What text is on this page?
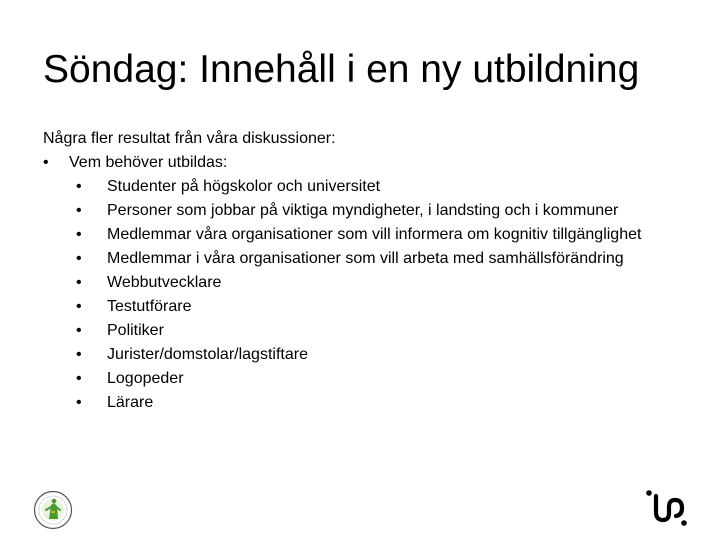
Söndag: Innehåll i en ny utbildning

Några fler resultat från våra diskussioner:

• Vem behöver utbildas:
• Studenter på högskolor och universitet
• Personer som jobbar på viktiga myndigheter, i landsting och i kommuner
• Medlemmar våra organisationer som vill informera om kognitiv tillgänglighet
• Medlemmar i våra organisationer som vill arbeta med samhällsförändring
• Webbutvecklare
• Testutförare
• Politiker
• Jurister/domstolar/lagstiftare
• Logopeder
• Lärare
